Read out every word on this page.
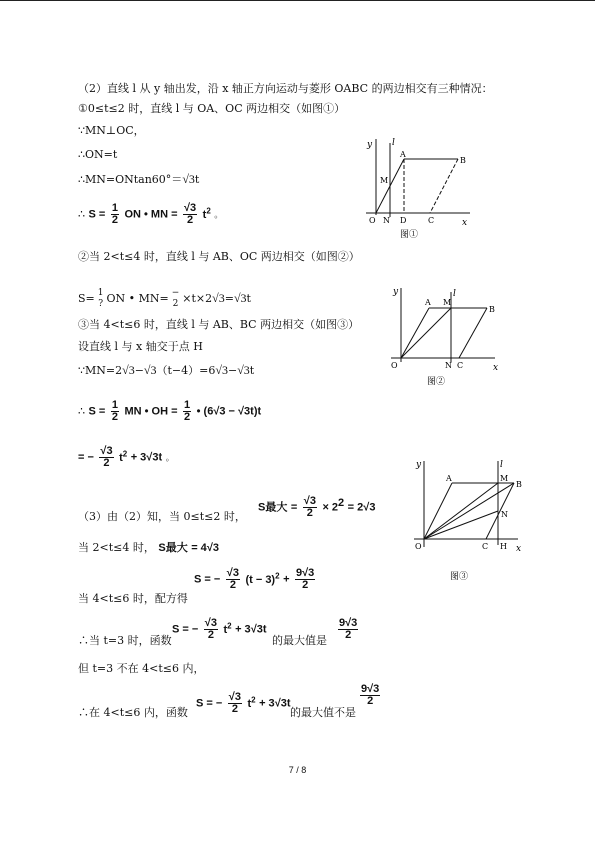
（2）直线 l 从 y 轴出发，沿 x 轴正方向运动与菱形 OABC 的两边相交有三种情况：
①0≤t≤2 时，直线 l 与 OA、OC 两边相交（如图①）
∵MN⊥OC，
∴ON=t
∴MN=ONtan60°＝√3t
∴ $S = \frac{1}{2}$ ON • MN = $\frac{√3}{2} t^2$ 。
②当 2<t≤4 时，直线 l 与 AB、OC 两边相交（如图②）
S= 1
? ON • MN= −
2 ×t×2√3=√3t
③当 4<t≤6 时，直线 l 与 AB、BC 两边相交（如图③）
设直线 l 与 x 轴交于点 H
∵MN=2√3−√3（t−4）=6√3−√3t
∴ $S = \frac{1}{2}$ MN • OH = $\frac{1}{2}$ • (6√3 − √3t)t
= − $\frac{√3}{2} t^2 + 3√3t$ 。
（3）由（2）知，当 0≤t≤2 时，
S最大 = $\frac{√3}{2} \times 2^2 = 2√3$
当 2<t≤4 时， S最大 = 4√3
当 4<t≤6 时，配方得
S = − $\frac{√3}{2} (t - 3)^2 + \frac{9√3}{2}$
∴当 t=3 时，函数
S = − $\frac{√3}{2} t^2 + 3√3t$
的最大值是 $\frac{9√3}{2}$
但 t=3 不在 4<t≤6 内，
∴在 4<t≤6 内，函数
S = − $\frac{√3}{2} t^2 + 3√3t$
的最大值不是
$\frac{9√3}{2}$
y l
A
B
M
O N D	C	x
图①
y	l
A M
B
O	N C	x
图②
y	l
A	M
B
N
O	C H x
图③
7 / 8
